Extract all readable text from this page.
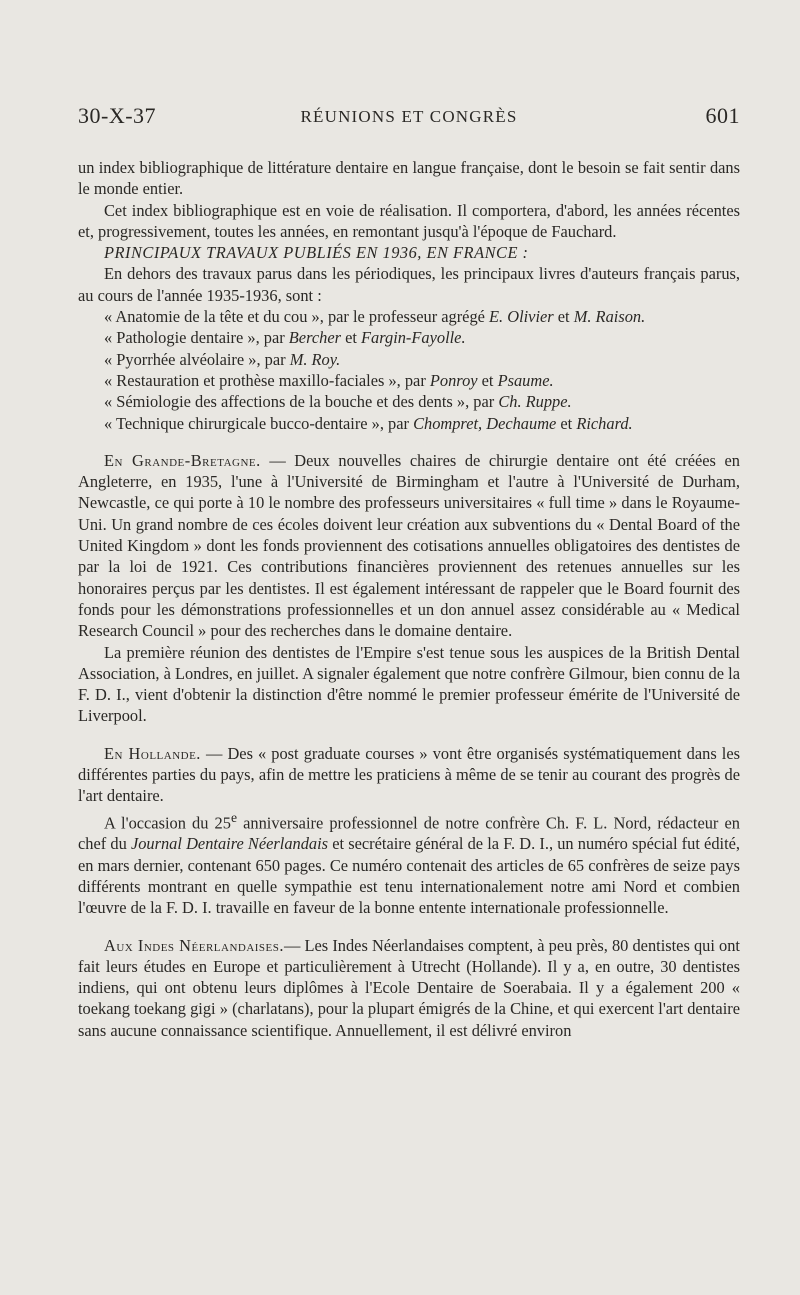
30-X-37	RÉUNIONS ET CONGRÈS	601

un index bibliographique de littérature dentaire en langue française, dont le besoin se fait sentir dans le monde entier.

Cet index bibliographique est en voie de réalisation. Il comportera, d'abord, les années récentes et, progressivement, toutes les années, en remontant jusqu'à l'époque de Fauchard.

PRINCIPAUX TRAVAUX PUBLIÉS EN 1936, EN FRANCE :

En dehors des travaux parus dans les périodiques, les principaux livres d'auteurs français parus, au cours de l'année 1935-1936, sont :

« Anatomie de la tête et du cou », par le professeur agrégé E. Olivier et M. Raison.

« Pathologie dentaire », par Bercher et Fargin-Fayolle.

« Pyorrhée alvéolaire », par M. Roy.

« Restauration et prothèse maxillo-faciales », par Ponroy et Psaume.

« Sémiologie des affections de la bouche et des dents », par Ch. Ruppe.

« Technique chirurgicale bucco-dentaire », par Chompret, Dechaume et Richard.

En Grande-Bretagne. — Deux nouvelles chaires de chirurgie dentaire ont été créées en Angleterre, en 1935, l'une à l'Université de Birmingham et l'autre à l'Université de Durham, Newcastle, ce qui porte à 10 le nombre des professeurs universitaires « full time » dans le Royaume-Uni. Un grand nombre de ces écoles doivent leur création aux subventions du « Dental Board of the United Kingdom » dont les fonds proviennent des cotisations annuelles obligatoires des dentistes de par la loi de 1921. Ces contributions financières proviennent des retenues annuelles sur les honoraires perçus par les dentistes. Il est également intéressant de rappeler que le Board fournit des fonds pour les démonstrations professionnelles et un don annuel assez considérable au « Medical Research Council » pour des recherches dans le domaine dentaire.

La première réunion des dentistes de l'Empire s'est tenue sous les auspices de la British Dental Association, à Londres, en juillet. A signaler également que notre confrère Gilmour, bien connu de la F. D. I., vient d'obtenir la distinction d'être nommé le premier professeur émérite de l'Université de Liverpool.

En Hollande. — Des « post graduate courses » vont être organisés systématiquement dans les différentes parties du pays, afin de mettre les praticiens à même de se tenir au courant des progrès de l'art dentaire.

A l'occasion du 25e anniversaire professionnel de notre confrère Ch. F. L. Nord, rédacteur en chef du Journal Dentaire Néerlandais et secrétaire général de la F. D. I., un numéro spécial fut édité, en mars dernier, contenant 650 pages. Ce numéro contenait des articles de 65 confrères de seize pays différents montrant en quelle sympathie est tenu internationalement notre ami Nord et combien l'œuvre de la F. D. I. travaille en faveur de la bonne entente internationale professionnelle.

Aux Indes Néerlandaises.— Les Indes Néerlandaises comptent, à peu près, 80 dentistes qui ont fait leurs études en Europe et particulièrement à Utrecht (Hollande). Il y a, en outre, 30 dentistes indiens, qui ont obtenu leurs diplômes à l'Ecole Dentaire de Soerabaia. Il y a également 200 « toekang toekang gigi » (charlatans), pour la plupart émigrés de la Chine, et qui exercent l'art dentaire sans aucune connaissance scientifique. Annuellement, il est délivré environ
